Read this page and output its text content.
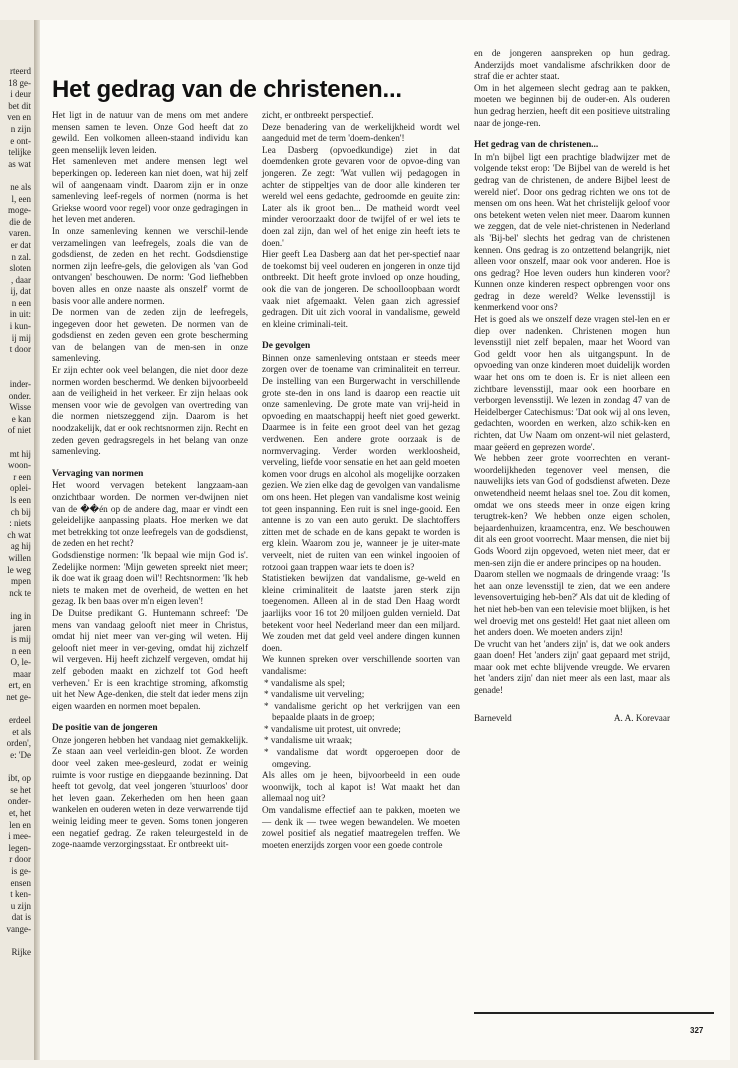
rteerd
18 ge-
i deur
bet dit
ven en
n zijn
e ont-
telijke
as wat

ne als
l, een
moge-
die de
varen.
er dat
n zal.
sloten
, daar
ij, dat
n een
in uit:
i kun-
ij mij
t door

inder-
onder.
Wisse
e kan
of niet

mt hij
woon-
r een
oplei-
ls een
ch bij
: niets
ch wat
ag hij
willen
le weg
mpen
nck te

ing in
jaren
is mij
n een
O, le-
maar
ert, en
net ge-

erdeel
et als
orden',
e: 'De

ibt, op
se het
onder-
et, het
len en
i mee-
legen-
r door
is ge-
ensen
t ken-
u zijn
dat is
vange-

Rijke
Het gedrag van de christenen...

Het ligt in de natuur van de mens om met andere mensen samen te leven. Onze God heeft dat zo gewild. Een volkomen alleen-staand individu kan geen menselijk leven leiden.

Het samenleven met andere mensen legt wel beperkingen op. Iedereen kan niet doen, wat hij zelf wil of aangenaam vindt. Daarom zijn er in onze samenleving leef-regels of normen (norma is het Griekse woord voor regel) voor onze gedragingen in het leven met anderen.

In onze samenleving kennen we verschil-lende verzamelingen van leefregels, zoals die van de godsdienst, de zeden en het recht. Godsdienstige normen zijn leefre-gels, die gelovigen als 'van God ontvangen' beschouwen. De norm: 'God liefhebben boven alles en onze naaste als onszelf' vormt de basis voor alle andere normen.

De normen van de zeden zijn de leefregels, ingegeven door het geweten. De normen van de godsdienst en zeden geven een grote bescherming van de belangen van de men-sen in onze samenleving.

Er zijn echter ook veel belangen, die niet door deze normen worden beschermd. We denken bijvoorbeeld aan de veiligheid in het verkeer. Er zijn helaas ook mensen voor wie de gevolgen van overtreding van die normen nietszeggend zijn. Daarom is het noodzakelijk, dat er ook rechtsnormen zijn. Recht en zeden geven gedragsregels in het belang van onze samenleving.

Vervaging van normen

Het woord vervagen betekent langzaam-aan onzichtbaar worden. De normen ver-dwijnen niet van de ��én op de andere dag, maar er vindt een geleidelijke aanpassing plaats. Hoe merken we dat met betrekking tot onze leefregels van de godsdienst, de zeden en het recht?

Godsdienstige normen: 'Ik bepaal wie mijn God is'. Zedelijke normen: 'Mijn geweten spreekt niet meer; ik doe wat ik graag doen wil'! Rechtsnormen: 'Ik heb niets te maken met de overheid, de wetten en het gezag. Ik ben baas over m'n eigen leven'!

De Duitse predikant G. Huntemann schreef: 'De mens van vandaag gelooft niet meer in Christus, omdat hij niet meer van ver-ging wil weten. Hij gelooft niet meer in ver-geving, omdat hij zichzelf wil vergeven. Hij heeft zichzelf vergeven, omdat hij zelf geboden maakt en zichzelf tot God heeft verheven.' Er is een krachtige stroming, afkomstig uit het New Age-denken, die stelt dat ieder mens zijn eigen waarden en normen moet bepalen.

De positie van de jongeren

Onze jongeren hebben het vandaag niet gemakkelijk. Ze staan aan veel verleidin-gen bloot. Ze worden door veel zaken mee-gesleurd, zodat er weinig ruimte is voor rustige en diepgaande bezinning. Dat heeft tot gevolg, dat veel jongeren 'stuurloos' door het leven gaan. Zekerheden om hen heen gaan wankelen en ouderen weten in deze verwarrende tijd weinig leiding meer te geven. Soms tonen jongeren een negatief gedrag. Ze raken teleurgesteld in de zoge-naamde verzorgingsstaat. Er ontbreekt uit-

zicht, er ontbreekt perspectief.

Deze benadering van de werkelijkheid wordt wel aangeduid met de term 'doem-denken'!

Lea Dasberg (opvoedkundige) ziet in dat doemdenken grote gevaren voor de opvoe-ding van jongeren. Ze zegt: 'Wat vullen wij pedagogen in achter de stippeltjes van de door alle kinderen ter wereld wel eens gedachte, gedroomde en geuite zin: Later als ik groot ben... De matheid wordt veel minder veroorzaakt door de twijfel of er wel iets te doen zal zijn, dan wel of het enige zin heeft iets te doen.'

Hier geeft Lea Dasberg aan dat het per-spectief naar de toekomst bij veel ouderen en jongeren in onze tijd ontbreekt. Dit heeft grote invloed op onze houding, ook die van de jongeren. De schoolloopbaan wordt vaak niet afgemaakt. Velen gaan zich agressief gedragen. Dit uit zich vooral in vandalisme, geweld en kleine criminali-teit.

De gevolgen

Binnen onze samenleving ontstaan er steeds meer zorgen over de toename van criminaliteit en terreur. De instelling van een Burgerwacht in verschillende grote ste-den in ons land is daarop een reactie uit onze samenleving. De grote mate van vrij-heid in opvoeding en maatschappij heeft niet goed gewerkt. Daarmee is in feite een groot deel van het gezag verdwenen. Een andere grote oorzaak is de normvervaging. Verder worden werkloosheid, verveling, liefde voor sensatie en het aan geld moeten komen voor drugs en alcohol als mogelijke oorzaken gezien. We zien elke dag de gevolgen van vandalisme om ons heen. Het plegen van vandalisme kost weinig tot geen inspanning. Een ruit is snel inge-gooid. Een antenne is zo van een auto gerukt. De slachtoffers zitten met de schade en de kans gepakt te worden is erg klein. Waarom zou je, wanneer je je uiter-mate verveelt, niet de ruiten van een winkel ingooien of rotzooi gaan trappen waar iets te doen is?

Statistieken bewijzen dat vandalisme, ge-weld en kleine criminaliteit de laatste jaren sterk zijn toegenomen. Alleen al in de stad Den Haag wordt jaarlijks voor 16 tot 20 miljoen gulden vernield. Dat betekent voor heel Nederland meer dan een miljard. We zouden met dat geld veel andere dingen kunnen doen.

We kunnen spreken over verschillende soorten van vandalisme:

* vandalisme als spel;
* vandalisme uit verveling;
* vandalisme gericht op het verkrijgen van een bepaalde plaats in de groep;
* vandalisme uit protest, uit onvrede;
* vandalisme uit wraak;
* vandalisme dat wordt opgeroepen door de omgeving.

Als alles om je heen, bijvoorbeeld in een oude woonwijk, toch al kapot is! Wat maakt het dan allemaal nog uit?

Om vandalisme effectief aan te pakken, moeten we — denk ik — twee wegen bewandelen. We moeten zowel positief als negatief maatregelen treffen. We moeten enerzijds zorgen voor een goede controle

en de jongeren aanspreken op hun gedrag. Anderzijds moet vandalisme afschrikken door de straf die er achter staat.

Om in het algemeen slecht gedrag aan te pakken, moeten we beginnen bij de ouder-en. Als ouderen hun gedrag herzien, heeft dit een positieve uitstraling naar de jonge-ren.

Het gedrag van de christenen...

In m'n bijbel ligt een prachtige bladwijzer met de volgende tekst erop: 'De Bijbel van de wereld is het gedrag van de christenen, de andere Bijbel leest de wereld niet'. Door ons gedrag richten we ons tot de mensen om ons heen. Wat het christelijk geloof voor ons betekent weten velen niet meer. Daarom kunnen we zeggen, dat de vele niet-christenen in Nederland als 'Bij-bel' slechts het gedrag van de christenen kennen. Ons gedrag is zo ontzettend belangrijk, niet alleen voor onszelf, maar ook voor anderen. Hoe is ons gedrag? Hoe leven ouders hun kinderen voor? Kunnen onze kinderen respect opbrengen voor ons gedrag in deze wereld? Welke levensstijl is kenmerkend voor ons?

Het is goed als we onszelf deze vragen stel-len en er diep over nadenken. Christenen mogen hun levensstijl niet zelf bepalen, maar het Woord van God geldt voor hen als uitgangspunt. In de opvoeding van onze kinderen moet duidelijk worden waar het ons om te doen is. Er is niet alleen een zichtbare levensstijl, maar ook een hoorbare en verborgen levensstijl. We lezen in zondag 47 van de Heidelberger Catechismus: 'Dat ook wij al ons leven, gedachten, woorden en werken, alzo schik-ken en richten, dat Uw Naam om onzent-wil niet gelasterd, maar geëerd en geprezen worde'.

We hebben zeer grote voorrechten en verant-woordelijkheden tegenover veel mensen, die nauwelijks iets van God of godsdienst afweten. Deze onwetendheid neemt helaas snel toe. Zou dit komen, omdat we ons steeds meer in onze eigen kring terugtrek-ken? We hebben onze eigen scholen, bejaardenhuizen, kraamcentra, enz. We beschouwen dit als een groot voorrecht. Maar mensen, die niet bij Gods Woord zijn opgevoed, weten niet meer, dat er men-sen zijn die er andere principes op na houden.

Daarom stellen we nogmaals de dringende vraag: 'Is het aan onze levensstijl te zien, dat we een andere levensovertuiging heb-ben?' Als dat uit de kleding of het niet heb-ben van een televisie moet blijken, is het wel droevig met ons gesteld! Het gaat niet alleen om het anders doen. We moeten anders zijn!

De vrucht van het 'anders zijn' is, dat we ook anders gaan doen! Het 'anders zijn' gaat gepaard met strijd, maar ook met echte blijvende vreugde. We ervaren het 'anders zijn' dan niet meer als een last, maar als genade!

Barneveld	A. A. Korevaar
327
